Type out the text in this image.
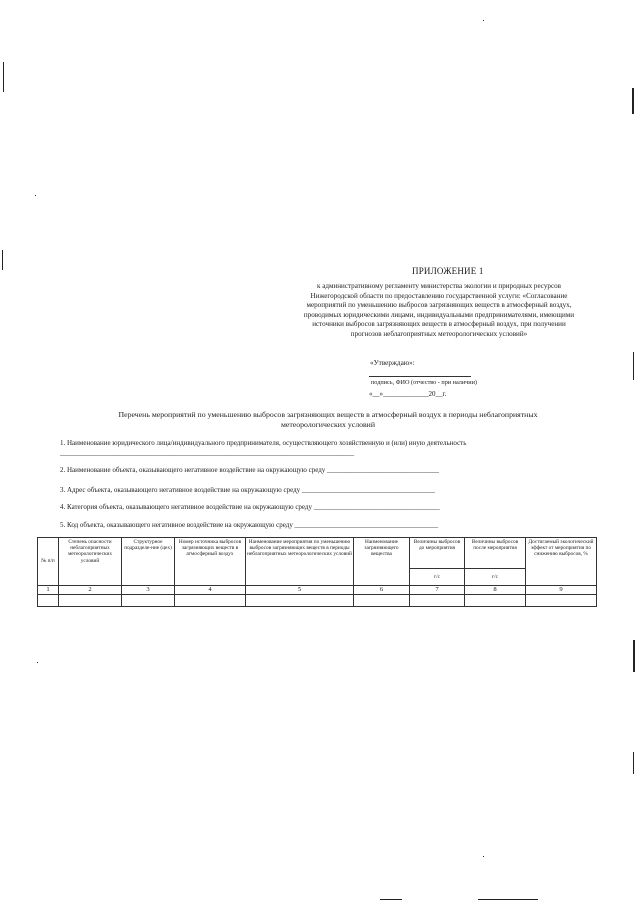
ПРИЛОЖЕНИЕ 1
к административному регламенту министерства экологии и природных ресурсов Нижегородской области по предоставлению государственной услуги: «Согласование мероприятий по уменьшению выбросов загрязняющих веществ в атмосферный воздух, проводимых юридическими лицами, индивидуальными предпринимателями, имеющими источники выбросов загрязняющих веществ в атмосферный воздух, при получении прогнозов неблагоприятных метеорологических условий»
«Утверждаю»:
подпись, ФИО (отчество - при наличии)
«__»_____________20__г.
Перечень мероприятий по уменьшению выбросов загрязняющих веществ в атмосферный воздух в периоды неблагоприятных метеорологических условий
1. Наименование юридического лица/индивидуального предпринимателя, осуществляющего хозяйственную и (или) иную деятельность ____________________________________________________________________________________
2. Наименование объекта, оказывающего негативное воздействие на окружающую среду ________________________________
3. Адрес объекта, оказывающего негативное воздействие на окружающую среду ______________________________________
4. Категория объекта, оказывающего негативное воздействие на окружающую среду ____________________________________
5. Код объекта, оказывающего негативное воздействие на окружающую среду _________________________________________
№ п/п	Степень опасности неблагоприятных метеорологических условий	Структурное подразделе-ние (цех)	Номер источника выбросов загрязняющих веществ в атмосферный воздух	Наименование мероприятия по уменьшению выбросов загрязняющих веществ в периоды неблагоприятных метеорологических условий	Наименование загрязняющего вещества	Величины выбросов до мероприятия	Величины выбросов после мероприятия	Достигаемый экологический эффект от мероприятия по снижению выбросов, %
						г/с	г/с	
1	2	3	4	5	6	7	8	9
